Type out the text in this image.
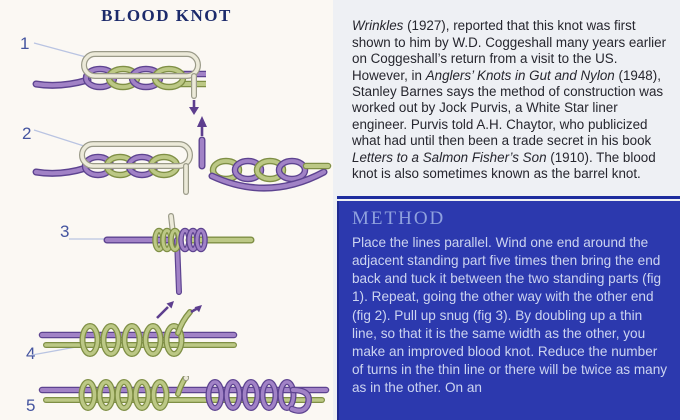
BLOOD KNOT
1
2
3
4
5

Wrinkles (1927), reported that this knot was first shown to him by W.D. Coggeshall many years earlier on Coggeshall’s return from a visit to the US. However, in Anglers’ Knots in Gut and Nylon (1948), Stanley Barnes says the method of construction was worked out by Jock Purvis, a White Star liner engineer. Purvis told A.H. Chaytor, who publicized what had until then been a trade secret in his book Letters to a Salmon Fisher’s Son (1910). The blood knot is also sometimes known as the barrel knot.

METHOD

Place the lines parallel. Wind one end around the adjacent standing part five times then bring the end back and tuck it between the two standing parts (fig 1). Repeat, going the other way with the other end (fig 2). Pull up snug (fig 3). By doubling up a thin line, so that it is the same width as the other, you make an improved blood knot. Reduce the number of turns in the thin line or there will be twice as many as in the other. On an
